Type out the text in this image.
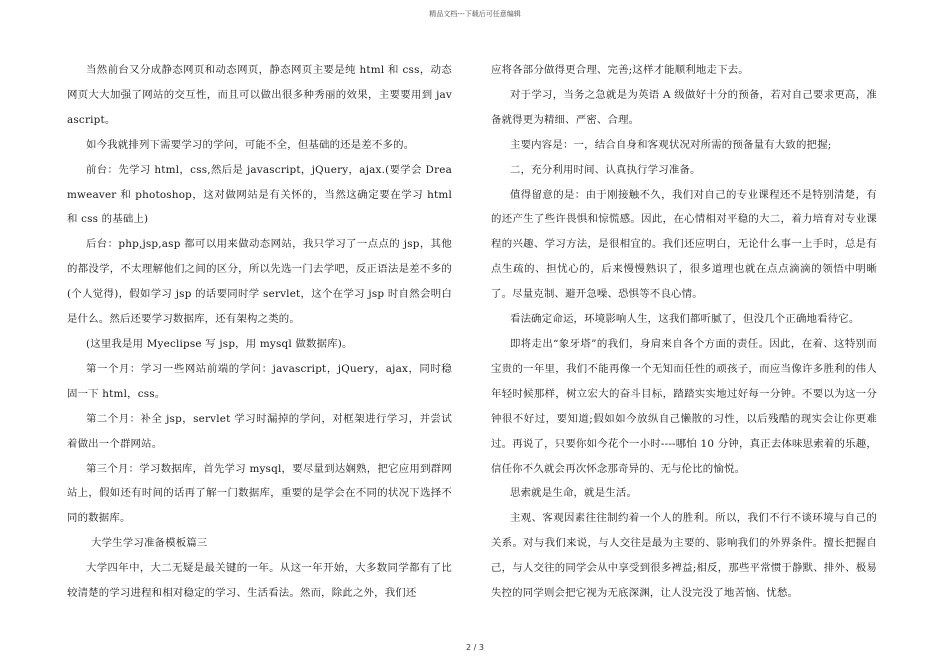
精品文档---下载后可任意编辑

当然前台又分成静态网页和动态网页，静态网页主要是纯 html 和 css，动态网页大大加强了网站的交互性，而且可以做出很多种秀丽的效果，主要要用到 javascript。

如今我就排列下需要学习的学问，可能不全，但基础的还是差不多的。

前台：先学习 html，css,然后是 javascript，jQuery，ajax.(要学会 Dreamweaver 和 photoshop，这对做网站是有关怀的，当然这确定要在学习 html 和 css 的基础上)

后台：php,jsp,asp 都可以用来做动态网站，我只学习了一点点的 jsp，其他的都没学，不太理解他们之间的区分，所以先选一门去学吧，反正语法是差不多的(个人觉得)，假如学习 jsp 的话要同时学 servlet，这个在学习 jsp 时自然会明白是什么。然后还要学习数据库，还有架构之类的。

(这里我是用 Myeclipse 写 jsp，用 mysql 做数据库)。

第一个月：学习一些网站前端的学问：javascript，jQuery，ajax，同时稳固一下 html，css。

第二个月：补全 jsp，servlet 学习时漏掉的学问，对框架进行学习，并尝试着做出一个群网站。

第三个月：学习数据库，首先学习 mysql，要尽量到达娴熟，把它应用到群网站上，假如还有时间的话再了解一门数据库，重要的是学会在不同的状况下选择不同的数据库。

大学生学习准备模板篇三

大学四年中，大二无疑是最关键的一年。从这一年开始，大多数同学都有了比较清楚的学习进程和相对稳定的学习、生活看法。然而，除此之外，我们还

应将各部分做得更合理、完善;这样才能顺利地走下去。

对于学习，当务之急就是为英语 A 级做好十分的预备，若对自己要求更高，准备就得更为精细、严密、合理。

主要内容是：一，结合自身和客观状况对所需的预备量有大致的把握;

二，充分利用时间、认真执行学习准备。

值得留意的是：由于刚接触不久，我们对自己的专业课程还不是特别清楚，有的还产生了些许畏惧和惊慌感。因此，在心情相对平稳的大二，着力培育对专业课程的兴趣、学习方法，是很相宜的。我们还应明白，无论什么事一上手时，总是有点生疏的、担忧心的，后来慢慢熟识了，很多道理也就在点点滴滴的领悟中明晰了。尽量克制、避开急噪、恐惧等不良心情。

看法确定命运，环境影响人生，这我们都听腻了，但没几个正确地看待它。

即将走出“象牙塔”的我们，身肩来自各个方面的责任。因此，在着、这特别而宝贵的一年里，我们不能再像一个无知而任性的顽孩子，而应当像许多胜利的伟人年轻时候那样，树立宏大的奋斗目标，踏踏实实地过好每一分钟。不要以为这一分钟很不好过，要知道;假如如今放纵自己懒散的习性，以后残酷的现实会让你更难过。再说了，只要你如今花个一小时----哪怕 10 分钟，真正去体味思索着的乐趣，信任你不久就会再次怀念那奇异的、无与伦比的愉悦。

思索就是生命，就是生活。

主观、客观因素往往制约着一个人的胜利。所以，我们不行不谈环境与自己的关系。对与我们来说，与人交往是最为主要的、影响我们的外界条件。擅长把握自己，与人交往的同学会从中享受到很多裨益;相反，那些平常惯于静默、排外、极易失控的同学则会把它视为无底深渊，让人没完没了地苦恼、忧愁。

2 / 3
